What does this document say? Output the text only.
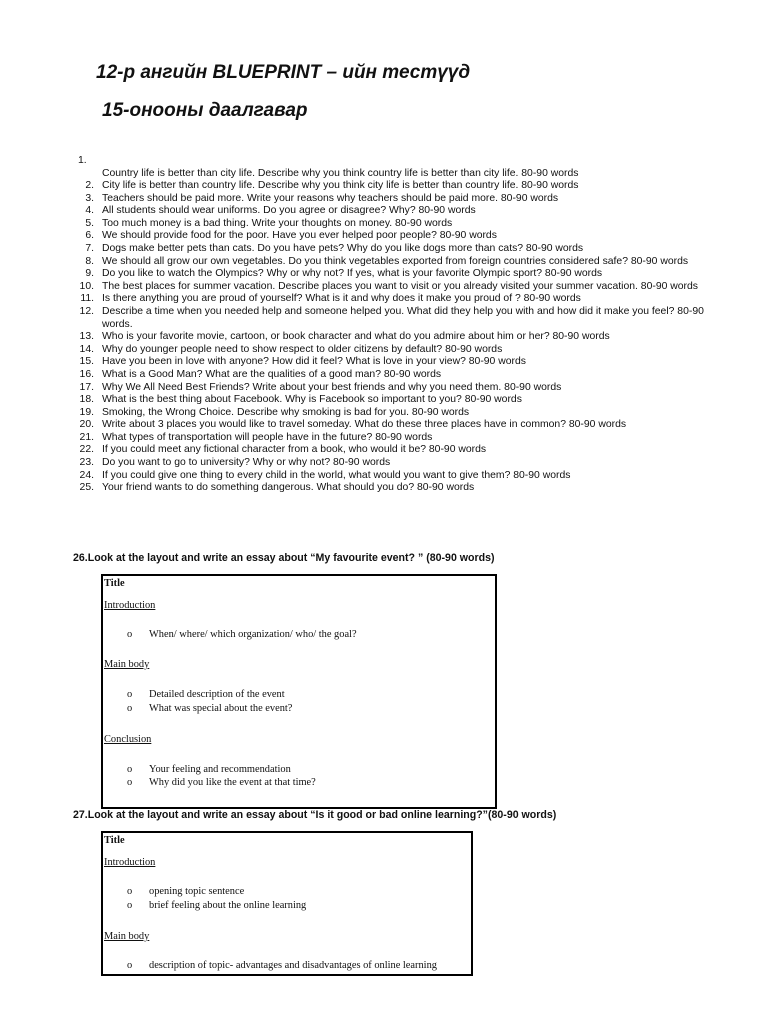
12-р ангийн BLUEPRINT – ийн тестүүд
15-онооны даалгавар
1.
Country life is better than city life. Describe why you think country life is better than city life. 80-90 words
2. City life is better than country life. Describe why you think city life is better than country life. 80-90 words
3. Teachers should be paid more. Write your reasons why teachers should be paid more. 80-90 words
4. All students should wear uniforms. Do you agree or disagree? Why? 80-90 words
5. Too much money is a bad thing. Write your thoughts on money. 80-90 words
6. We should provide food for the poor. Have you ever helped poor people? 80-90 words
7. Dogs make better pets than cats. Do you have pets? Why do you like dogs more than cats? 80-90 words
8. We should all grow our own vegetables. Do you think vegetables exported from foreign countries considered safe? 80-90 words
9. Do you like to watch the Olympics? Why or why not? If yes, what is your favorite Olympic sport? 80-90 words
10. The best places for summer vacation. Describe places you want to visit or you already visited your summer vacation. 80-90 words
11. Is there anything you are proud of yourself? What is it and why does it make you proud of ? 80-90 words
12. Describe a time when you needed help and someone helped you. What did they help you with and how did it make you feel? 80-90 words.
13. Who is your favorite movie, cartoon, or book character and what do you admire about him or her? 80-90 words
14. Why do younger people need to show respect to older citizens by default? 80-90 words
15. Have you been in love with anyone? How did it feel? What is love in your view? 80-90 words
16. What is a Good Man? What are the qualities of a good man? 80-90 words
17. Why We All Need Best Friends? Write about your best friends and why you need them. 80-90 words
18. What is the best thing about Facebook. Why is Facebook so important to you? 80-90 words
19. Smoking, the Wrong Choice. Describe why smoking is bad for you. 80-90 words
20. Write about 3 places you would like to travel someday. What do these three places have in common? 80-90 words
21. What types of transportation will people have in the future? 80-90 words
22. If you could meet any fictional character from a book, who would it be? 80-90 words
23. Do you want to go to university? Why or why not? 80-90 words
24. If you could give one thing to every child in the world, what would you want to give them? 80-90 words
25. Your friend wants to do something dangerous. What should you do? 80-90 words
26.Look at the layout and write an essay about “My favourite event? ” (80-90 words)
Title
Introduction
o	When/ where/ which organization/ who/ the goal?
Main body
o	Detailed description of the event
o	What was special about the event?
Conclusion
o	Your feeling and recommendation
o	Why did you like the event at that time?
27.Look at the layout and write an essay about “Is it good or bad online learning?”(80-90 words)
Title
Introduction
o	opening topic sentence
o	brief feeling about the online learning
Main body
o	description of topic- advantages and disadvantages of online learning
